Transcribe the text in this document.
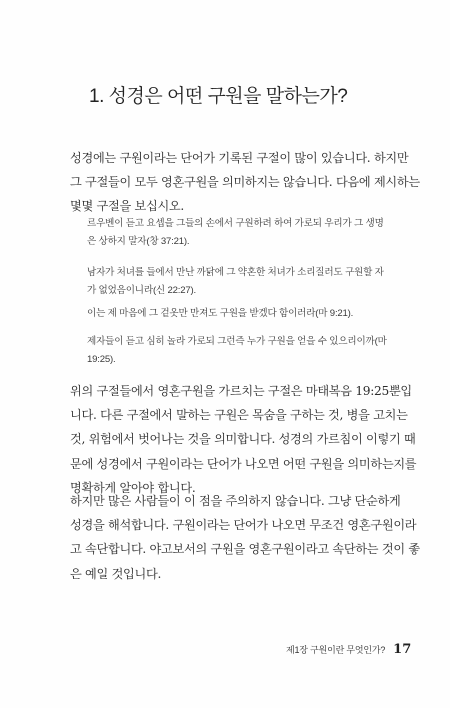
1. 성경은 어떤 구원을 말하는가?
성경에는 구원이라는 단어가 기록된 구절이 많이 있습니다. 하지만
그 구절들이 모두 영혼구원을 의미하지는 않습니다. 다음에 제시하는
몇몇 구절을 보십시오.
르우벤이 듣고 요셉을 그들의 손에서 구원하려 하여 가로되 우리가 그 생명
은 상하지 말자(창 37:21).
남자가 처녀를 들에서 만난 까닭에 그 약혼한 처녀가 소리질러도 구원할 자
가 없었음이니라(신 22:27).
이는 제 마음에 그 겉옷만 만져도 구원을 받겠다 함이러라(마 9:21).
제자들이 듣고 심히 놀라 가로되 그런즉 누가 구원을 얻을 수 있으리이까(마
19:25).
위의 구절들에서 영혼구원을 가르치는 구절은 마태복음 19:25뿐입
니다. 다른 구절에서 말하는 구원은 목숨을 구하는 것, 병을 고치는
것, 위험에서 벗어나는 것을 의미합니다. 성경의 가르침이 이렇기 때
문에 성경에서 구원이라는 단어가 나오면 어떤 구원을 의미하는지를
명확하게 알아야 합니다.
하지만 많은 사람들이 이 점을 주의하지 않습니다. 그냥 단순하게
성경을 해석합니다. 구원이라는 단어가 나오면 무조건 영혼구원이라
고 속단합니다. 야고보서의 구원을 영혼구원이라고 속단하는 것이 좋
은 예일 것입니다.
제1장 구원이란 무엇인가? 17
